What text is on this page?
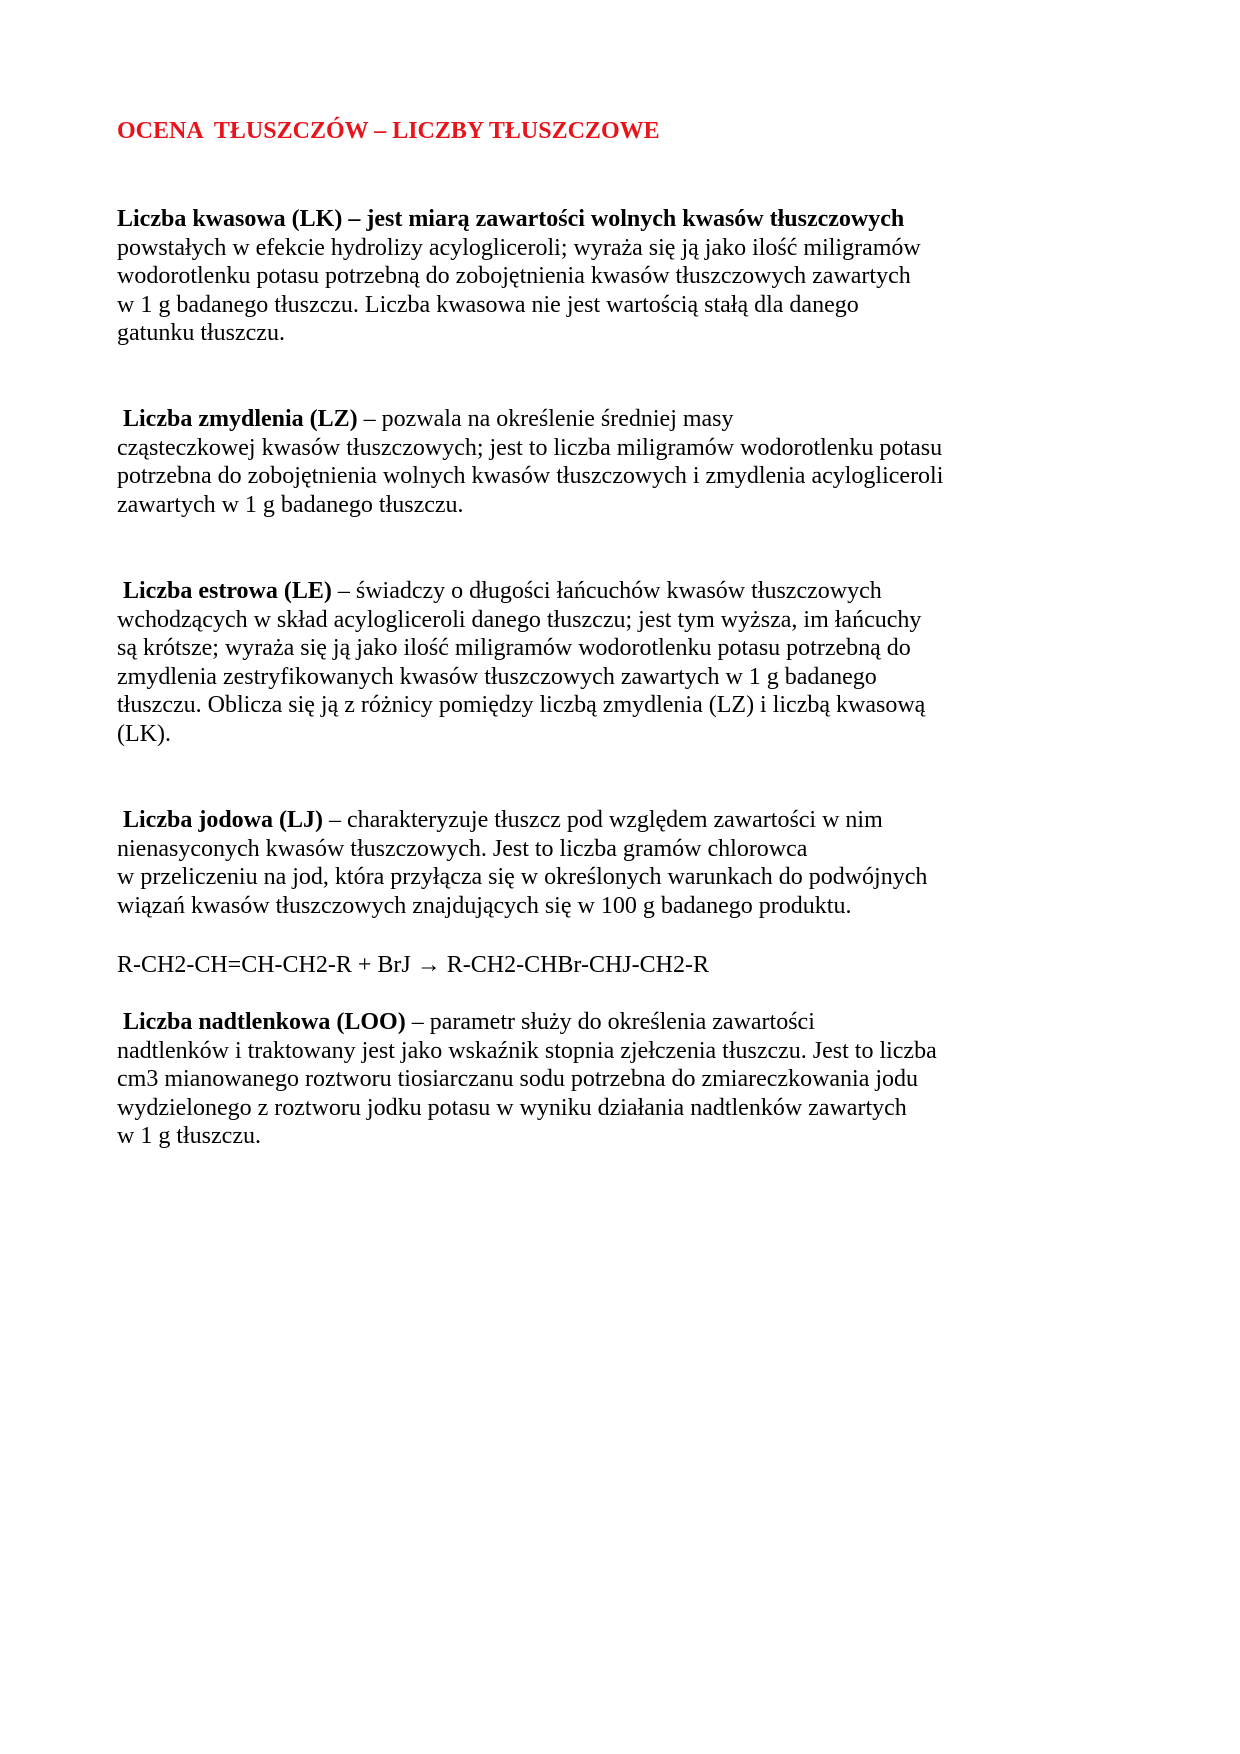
OCENA  TŁUSZCZÓW – LICZBY TŁUSZCZOWE
Liczba kwasowa (LK) – jest miarą zawartości wolnych kwasów tłuszczowych
powstałych w efekcie hydrolizy acylogliceroli; wyraża się ją jako ilość miligramów
wodorotlenku potasu potrzebną do zobojętnienia kwasów tłuszczowych zawartych
w 1 g badanego tłuszczu. Liczba kwasowa nie jest wartością stałą dla danego
gatunku tłuszczu.
Liczba zmydlenia (LZ) – pozwala na określenie średniej masy
cząsteczkowej kwasów tłuszczowych; jest to liczba miligramów wodorotlenku potasu
potrzebna do zobojętnienia wolnych kwasów tłuszczowych i zmydlenia acylogliceroli
zawartych w 1 g badanego tłuszczu.
Liczba estrowa (LE) – świadczy o długości łańcuchów kwasów tłuszczowych
wchodzących w skład acylogliceroli danego tłuszczu; jest tym wyższa, im łańcuchy
są krótsze; wyraża się ją jako ilość miligramów wodorotlenku potasu potrzebną do
zmydlenia zestryfikowanych kwasów tłuszczowych zawartych w 1 g badanego
tłuszczu. Oblicza się ją z różnicy pomiędzy liczbą zmydlenia (LZ) i liczbą kwasową
(LK).
Liczba jodowa (LJ) – charakteryzuje tłuszcz pod względem zawartości w nim
nienasyconych kwasów tłuszczowych. Jest to liczba gramów chlorowca
w przeliczeniu na jod, która przyłącza się w określonych warunkach do podwójnych
wiązań kwasów tłuszczowych znajdujących się w 100 g badanego produktu.
R-CH2-CH=CH-CH2-R + BrJ → R-CH2-CHBr-CHJ-CH2-R
Liczba nadtlenkowa (LOO) – parametr służy do określenia zawartości
nadtlenków i traktowany jest jako wskaźnik stopnia zjełczenia tłuszczu. Jest to liczba
cm3 mianowanego roztworu tiosiarczanu sodu potrzebna do zmiareczkowania jodu
wydzielonego z roztworu jodku potasu w wyniku działania nadtlenków zawartych
w 1 g tłuszczu.
